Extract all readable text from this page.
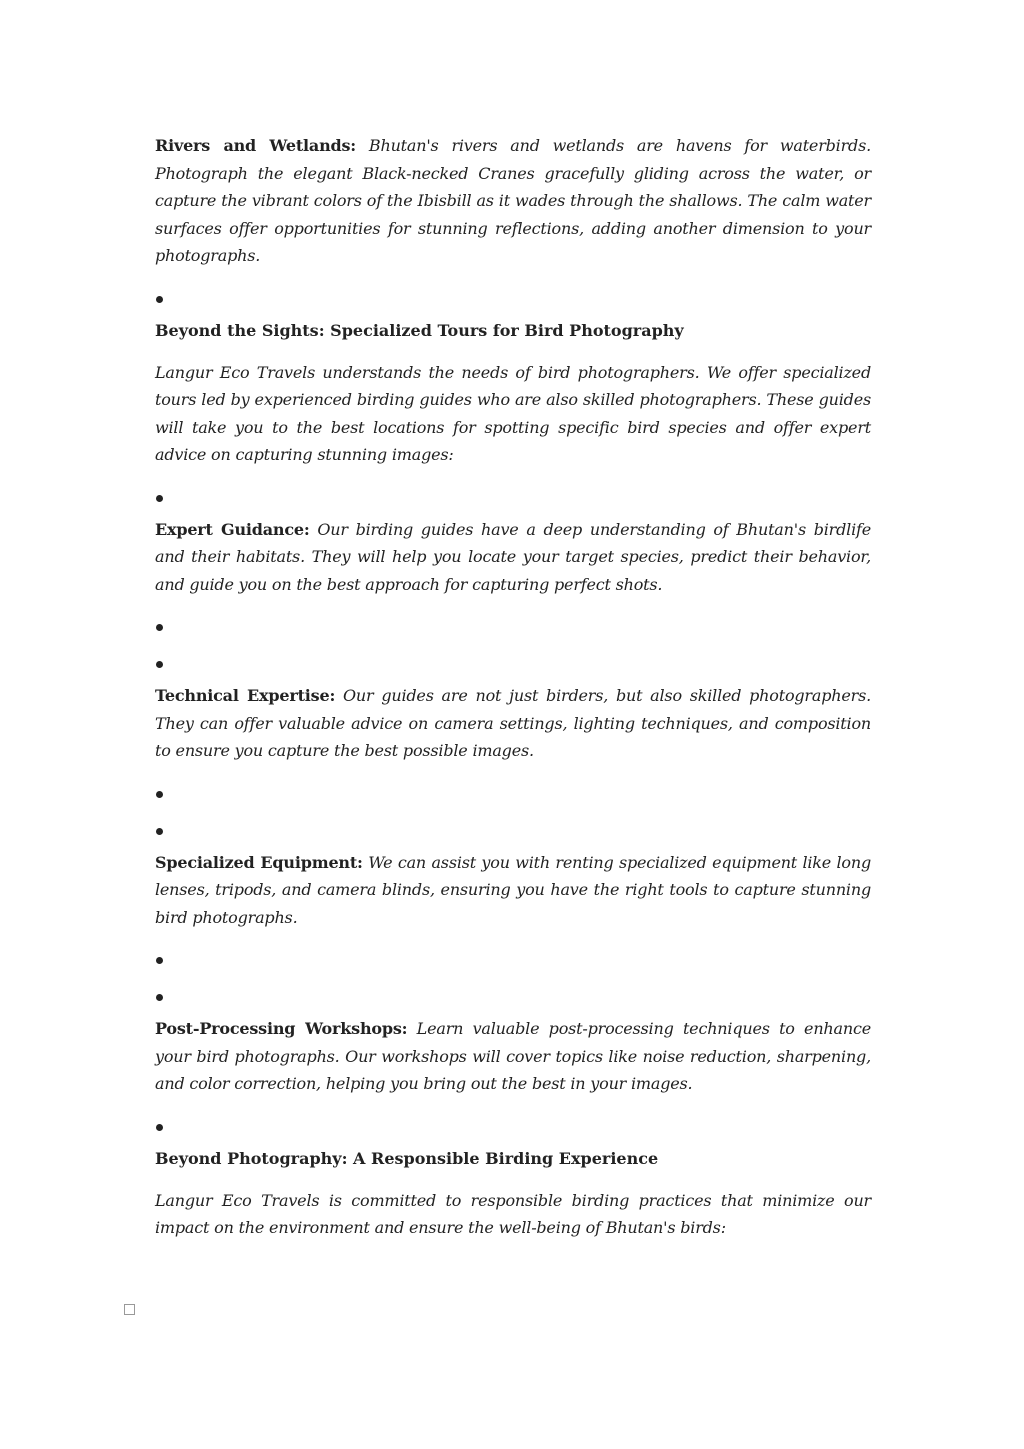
Rivers and Wetlands: Bhutan's rivers and wetlands are havens for waterbirds. Photograph the elegant Black-necked Cranes gracefully gliding across the water, or capture the vibrant colors of the Ibisbill as it wades through the shallows. The calm water surfaces offer opportunities for stunning reflections, adding another dimension to your photographs.

Beyond the Sights: Specialized Tours for Bird Photography

Langur Eco Travels understands the needs of bird photographers. We offer specialized tours led by experienced birding guides who are also skilled photographers. These guides will take you to the best locations for spotting specific bird species and offer expert advice on capturing stunning images:

Expert Guidance: Our birding guides have a deep understanding of Bhutan's birdlife and their habitats. They will help you locate your target species, predict their behavior, and guide you on the best approach for capturing perfect shots.

Technical Expertise: Our guides are not just birders, but also skilled photographers. They can offer valuable advice on camera settings, lighting techniques, and composition to ensure you capture the best possible images.

Specialized Equipment: We can assist you with renting specialized equipment like long lenses, tripods, and camera blinds, ensuring you have the right tools to capture stunning bird photographs.

Post-Processing Workshops: Learn valuable post-processing techniques to enhance your bird photographs. Our workshops will cover topics like noise reduction, sharpening, and color correction, helping you bring out the best in your images.

Beyond Photography: A Responsible Birding Experience

Langur Eco Travels is committed to responsible birding practices that minimize our impact on the environment and ensure the well-being of Bhutan's birds:
